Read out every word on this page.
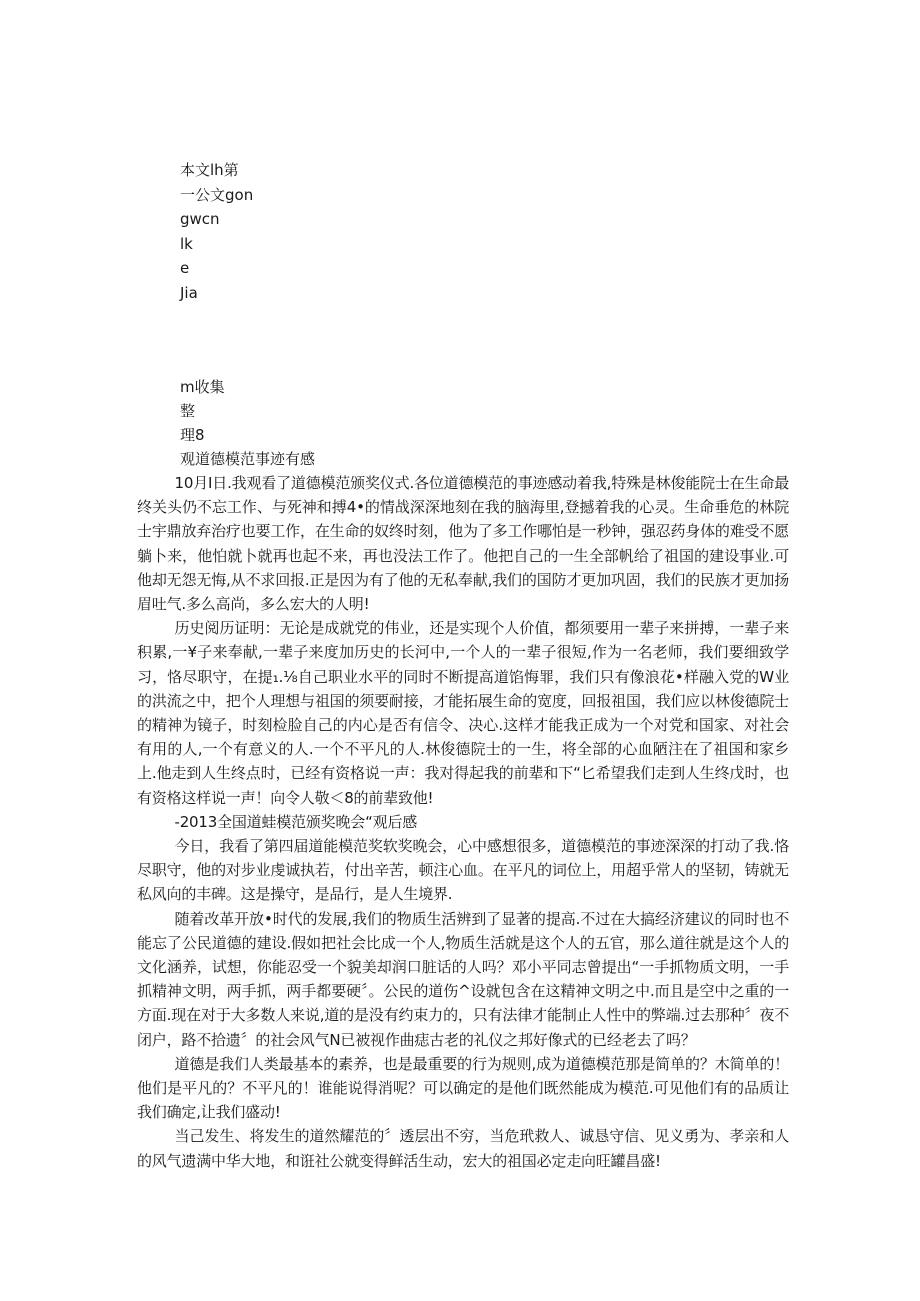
本文lh第
一公文gon
gwcn
lk
e
Jia
m收集
整
理8
观道德模范事迹有感

10月I日.我观看了道德模范颁奖仪式.各位道德模范的事迹感动着我,特殊是林俊能院士在生命最终关头仍不忘工作、与死神和搏4•的情战深深地刻在我的脑海里,登撼着我的心灵。生命垂危的林院士宇鼎放弃治疗也要工作，在生命的奴终时刻，他为了多工作哪怕是一秒钟，强忍药身体的难受不愿躺卜来，他怕就卜就再也起不来，再也没法工作了。他把自己的一生全部帆给了祖国的建设事业.可他却无怨无悔,从不求回报.正是因为有了他的无私奉献,我们的国防才更加巩固，我们的民族才更加扬眉吐气.多么高尚，多么宏大的人明!

历史阅历证明：无论是成就党的伟业，还是实现个人价值，都须要用一辈子来拼搏，一辈子来积累,一¥子来奉献,一辈子来度加历史的长河中,一个人的一辈子很短,作为一名老师，我们要细致学习，恪尽职守，在提₁.⅛自己职业水平的同时不断提高道馅悔罪，我们只有像浪花•样融入党的W业的洪流之中，把个人理想与祖国的须要耐接，才能拓展生命的宽度，回报祖国，我们应以林俊德院士的精神为镜子，时刻检脸自己的内心是否有信令、决心.这样才能我正成为一个对党和国家、对社会有用的人,一个有意义的人.一个不平凡的人.林俊德院士的一生，将全部的心血陋注在了祖国和家乡上.他走到人生终点时，已经有资格说一声：我对得起我的前辈和下“匕希望我们走到人生终戊时，也有资格这样说一声！向令人敬＜8的前辈致他!

-2013全国道蛙模范颁奖晚会“观后感

今日，我看了第四届道能模范奖软奖晚会，心中感想很多，道德模范的事迹深深的打动了我.恪尽职守，他的对步业虔诚执若，付出辛苦，顿注心血。在平凡的词位上，用超乎常人的坚韧，铸就无私风向的丰碑。这是操守，是品行，是人生境界.

随着改革开放•时代的发展,我们的物质生活辨到了显著的提高.不过在大搞经济建议的同时也不能忘了公民道德的建设.假如把社会比成一个人,物质生活就是这个人的五官，那么道往就是这个人的文化涵养，试想，你能忍受一个貌美却润口脏话的人吗？邓小平同志曾提出“一手抓物质文明，一手抓精神文明，两手抓，两手都要硬〞。公民的道伤^设就包含在这精神文明之中.而且是空中之重的一方面.现在对于大多数人来说,道的是没有约束力的，只有法律才能制止人性中的弊端.过去那种〞夜不闭户，路不拾遗〞的社会风气N已被视作曲痣古老的礼仪之邦好像式的已经老去了吗？

道德是我们人类最基本的素养，也是最重要的行为规则,成为道德模范那是简单的？木简单的！他们是平凡的？不平凡的！谁能说得消呢？可以确定的是他们既然能成为模范.可见他们有的品质让我们确定,让我们盛动!

当己发生、将发生的道然耀范的〞透层出不穷，当危玳救人、诚恳守信、见义勇为、孝亲和人的风气遗满中华大地，和诳社公就变得鲜活生动，宏大的祖国必定走向旺罐昌盛!
